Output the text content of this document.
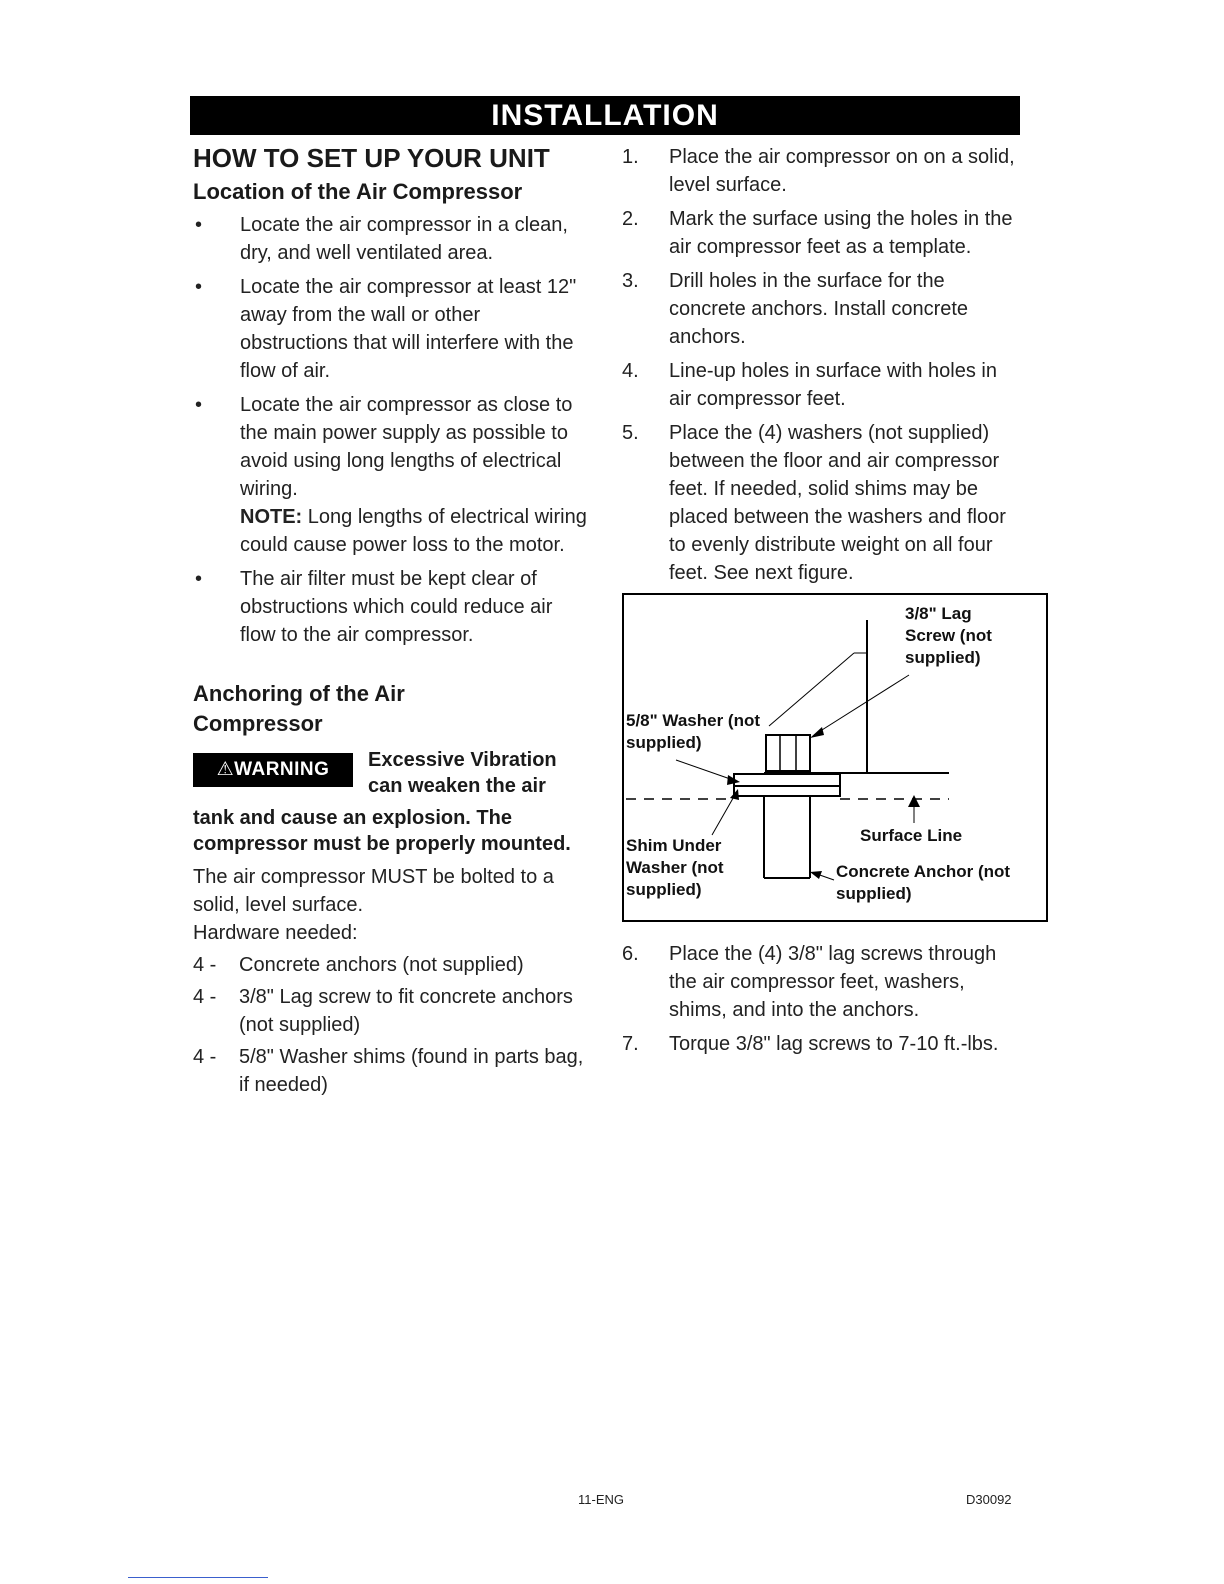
INSTALLATION
HOW TO SET UP YOUR UNIT
Location of the Air Compressor
• Locate the air compressor in a clean, dry, and well ventilated area.
• Locate the air compressor at least 12" away from the wall or other obstructions that will interfere with the flow of air.
• Locate the air compressor as close to the main power supply as possible to avoid using long lengths of electrical wiring.
NOTE: Long lengths of electrical wiring could cause power loss to the motor.
• The air filter must be kept clear of obstructions which could reduce air flow to the air compressor.
Anchoring of the Air Compressor
⚠WARNING	Excessive Vibration can weaken the air
tank and cause an explosion. The compressor must be properly mounted.
The air compressor MUST be bolted to a solid, level surface.
Hardware needed:
4 - Concrete anchors (not supplied)
4 - 3/8" Lag screw to fit concrete anchors (not supplied)
4 - 5/8" Washer shims (found in parts bag, if needed)
1. Place the air compressor on on a solid, level surface.
2. Mark the surface using the holes in the air compressor feet as a template.
3. Drill holes in the surface for the concrete anchors. Install concrete anchors.
4. Line-up holes in surface with holes in air compressor feet.
5. Place the (4) washers (not supplied) between the floor and air compressor feet. If needed, solid shims may be placed between the washers and floor to evenly distribute weight on all four feet. See next figure.
3/8" Lag Screw (not supplied)
5/8" Washer (not supplied)
Shim Under Washer (not supplied)
Surface Line
Concrete Anchor (not supplied)
6. Place the (4) 3/8" lag screws through the air compressor feet, washers, shims, and into the anchors.
7. Torque 3/8" lag screws to 7-10 ft.-lbs.
11-ENG	D30092
